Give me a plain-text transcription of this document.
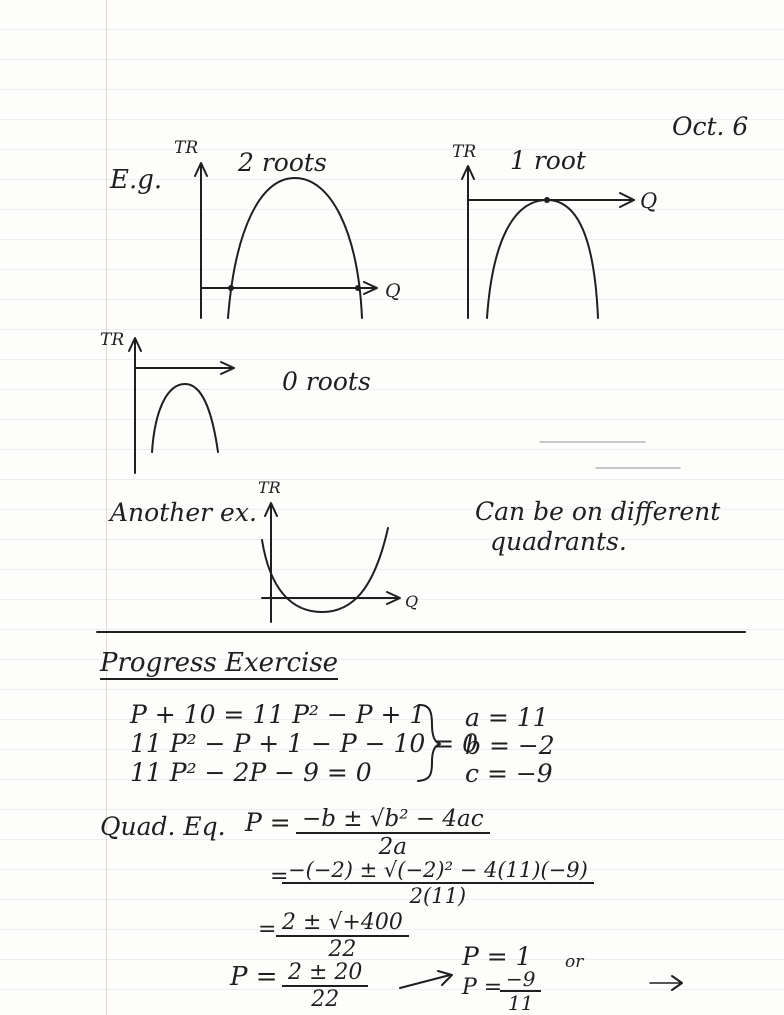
Oct. 6
E.g.
TR 2 roots
Q
TR 1 root
Q
TR
0 roots
Another ex.
TR
Q
Can be on different
quadrants.
Progress Exercise
P + 10 = 11 P² − P + 1
11 P² − P + 1 − P − 10 = 0
11 P² − 2P − 9 = 0
a = 11
b = −2
c = −9
Quad. Eq. $P = \frac{\text{−b ± √b² − 4ac}}{2a}$
=
$\frac{\text{−(−2) ± √(−2)² − 4(11)(−9)}}{2(11)}$
= $\frac{2 \pm √+400}{22}$
$P = \frac{2 \pm 20}{22}$
P = 1 or
P =
$\frac{-9}{11}$
